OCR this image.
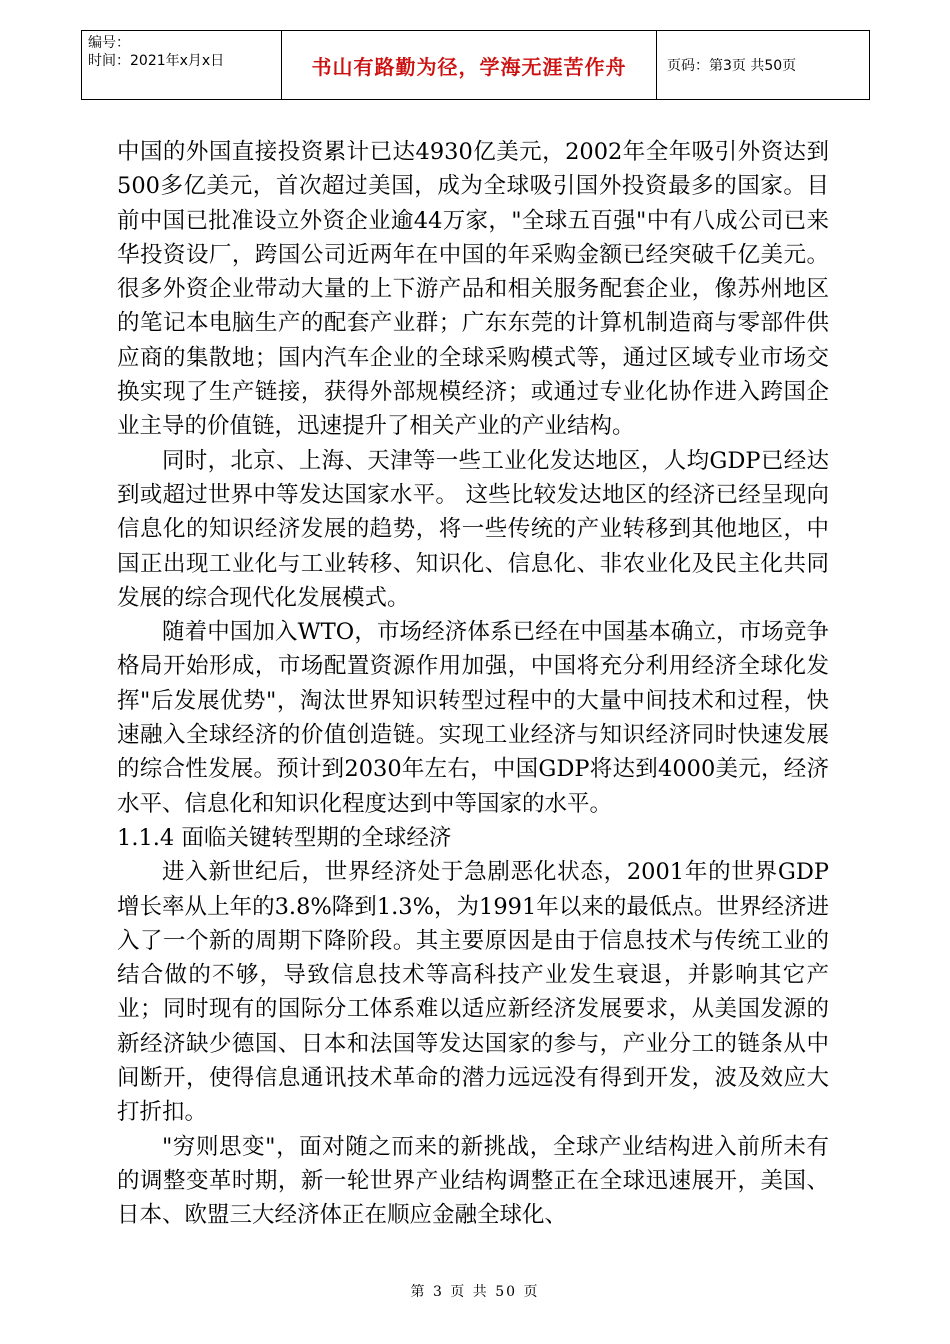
编号：
时间：2021年x月x日	书山有路勤为径，学海无涯苦作舟	页码：第3页 共50页

中国的外国直接投资累计已达4930亿美元，2002年全年吸引外资达到500多亿美元，首次超过美国，成为全球吸引国外投资最多的国家。目前中国已批准设立外资企业逾44万家，"全球五百强"中有八成公司已来华投资设厂，跨国公司近两年在中国的年采购金额已经突破千亿美元。很多外资企业带动大量的上下游产品和相关服务配套企业，像苏州地区的笔记本电脑生产的配套产业群；广东东莞的计算机制造商与零部件供应商的集散地；国内汽车企业的全球采购模式等，通过区域专业市场交换实现了生产链接，获得外部规模经济；或通过专业化协作进入跨国企业主导的价值链，迅速提升了相关产业的产业结构。

同时，北京、上海、天津等一些工业化发达地区，人均GDP已经达到或超过世界中等发达国家水平。 这些比较发达地区的经济已经呈现向信息化的知识经济发展的趋势，将一些传统的产业转移到其他地区，中国正出现工业化与工业转移、知识化、信息化、非农业化及民主化共同发展的综合现代化发展模式。

随着中国加入WTO，市场经济体系已经在中国基本确立，市场竞争格局开始形成，市场配置资源作用加强，中国将充分利用经济全球化发挥"后发展优势"，淘汰世界知识转型过程中的大量中间技术和过程，快速融入全球经济的价值创造链。实现工业经济与知识经济同时快速发展的综合性发展。预计到2030年左右，中国GDP将达到4000美元，经济水平、信息化和知识化程度达到中等国家的水平。

1.1.4 面临关键转型期的全球经济

进入新世纪后，世界经济处于急剧恶化状态，2001年的世界GDP增长率从上年的3.8%降到1.3%，为1991年以来的最低点。世界经济进入了一个新的周期下降阶段。其主要原因是由于信息技术与传统工业的结合做的不够，导致信息技术等高科技产业发生衰退，并影响其它产业；同时现有的国际分工体系难以适应新经济发展要求，从美国发源的新经济缺少德国、日本和法国等发达国家的参与，产业分工的链条从中间断开，使得信息通讯技术革命的潜力远远没有得到开发，波及效应大打折扣。

"穷则思变"，面对随之而来的新挑战，全球产业结构进入前所未有的调整变革时期，新一轮世界产业结构调整正在全球迅速展开，美国、日本、欧盟三大经济体正在顺应金融全球化、

第 3 页 共 50 页
